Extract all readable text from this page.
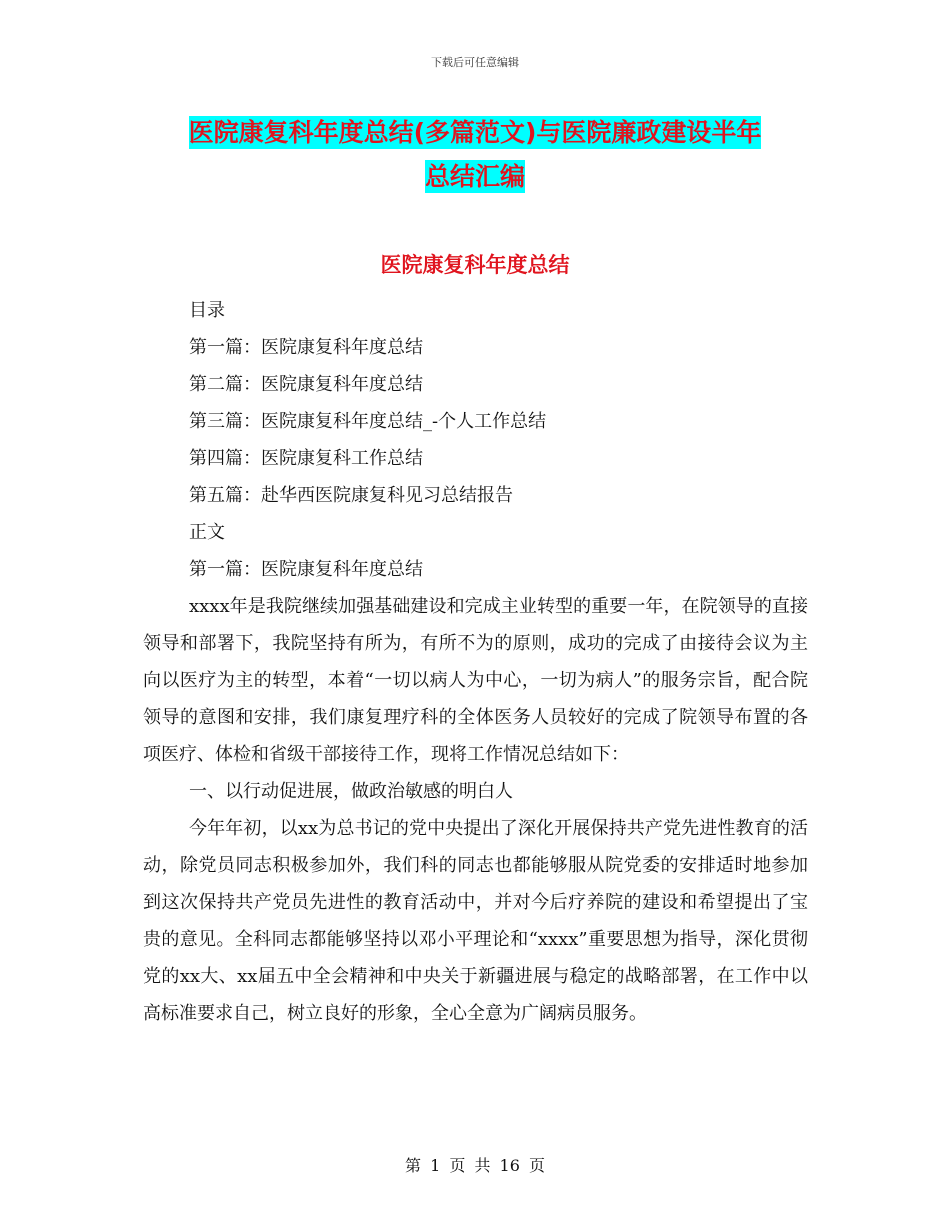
下载后可任意编辑
医院康复科年度总结(多篇范文)与医院廉政建设半年
总结汇编
医院康复科年度总结
目录
第一篇：医院康复科年度总结
第二篇：医院康复科年度总结
第三篇：医院康复科年度总结_-个人工作总结
第四篇：医院康复科工作总结
第五篇：赴华西医院康复科见习总结报告
正文
第一篇：医院康复科年度总结

xxxx年是我院继续加强基础建设和完成主业转型的重要一年，在院领导的直接领导和部署下，我院坚持有所为，有所不为的原则，成功的完成了由接待会议为主向以医疗为主的转型，本着“一切以病人为中心，一切为病人”的服务宗旨，配合院领导的意图和安排，我们康复理疗科的全体医务人员较好的完成了院领导布置的各项医疗、体检和省级干部接待工作，现将工作情况总结如下：

一、以行动促进展，做政治敏感的明白人

今年年初，以xx为总书记的党中央提出了深化开展保持共产党先进性教育的活动，除党员同志积极参加外，我们科的同志也都能够服从院党委的安排适时地参加到这次保持共产党员先进性的教育活动中，并对今后疗养院的建设和希望提出了宝贵的意见。全科同志都能够坚持以邓小平理论和“xxxx”重要思想为指导，深化贯彻党的xx大、xx届五中全会精神和中央关于新疆进展与稳定的战略部署，在工作中以高标准要求自己，树立良好的形象，全心全意为广阔病员服务。

第 1 页 共 16 页
